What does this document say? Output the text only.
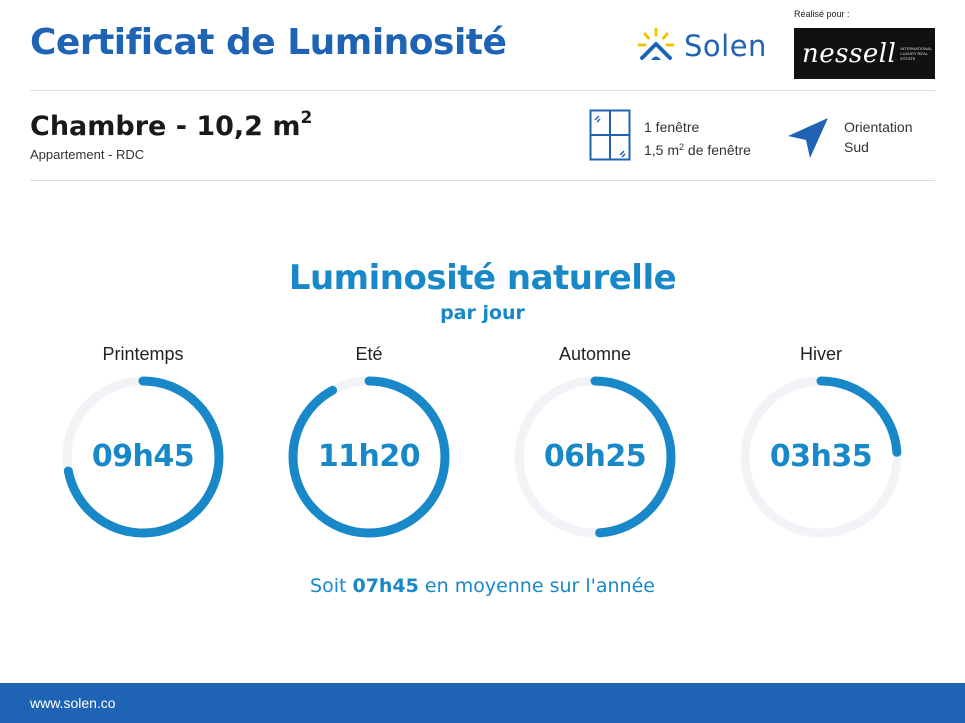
Certificat de Luminosité	Solen
Réalisé pour :
nessell INTERNATIONAL LUXURY REAL ESTATE
Chambre - 10,2 $m^2$
Appartement - RDC
1 fenêtre
1,5 $m^2$ de fenêtre
Orientation
Sud
Luminosité naturelle
par jour
Printemps
09h45
Eté
11h20
Automne
06h25
Hiver
03h35
Soit 07h45 en moyenne sur l'année
www.solen.co
